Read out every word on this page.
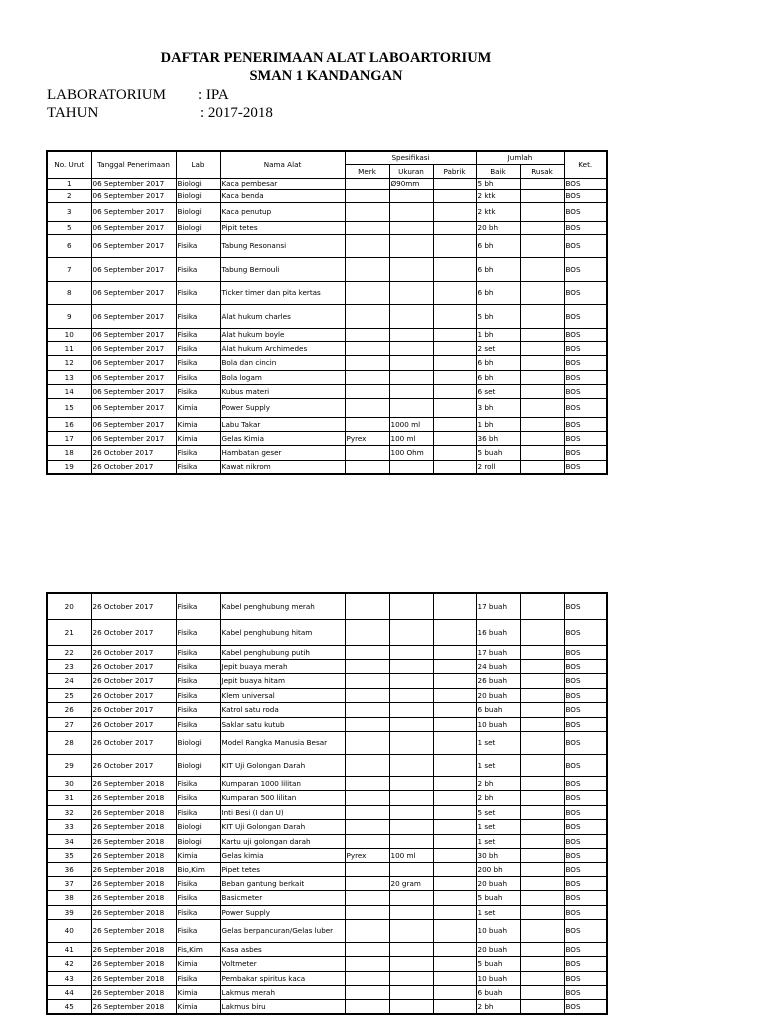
DAFTAR PENERIMAAN ALAT LABOARTORIUM
SMAN 1 KANDANGAN
LABORATORIUM : IPA
TAHUN	: 2017-2018
No. Urut	Tanggal Penerimaan	Lab	Nama Alat	Spesifikasi			Jumlah		Ket.
				Merk	Ukuran	Pabrik	Baik	Rusak	
1	06 September 2017	Biologi	Kaca pembesar		Ø90mm		5 bh		BOS
2	06 September 2017	Biologi	Kaca benda				2 ktk		BOS
3	06 September 2017	Biologi	Kaca penutup				2 ktk		BOS
5	06 September 2017	Biologi	Pipit tetes				20 bh		BOS
6	06 September 2017	Fisika	Tabung Resonansi				6 bh		BOS
7	06 September 2017	Fisika	Tabung Bernouli				6 bh		BOS
8	06 September 2017	Fisika	Ticker timer dan pita kertas				6 bh		BOS
9	06 September 2017	Fisika	Alat hukum charles				5 bh		BOS
10	06 September 2017	Fisika	Alat hukum boyle				1 bh		BOS
11	06 September 2017	Fisika	Alat hukum Archimedes				2 set		BOS
12	06 September 2017	Fisika	Bola dan cincin				6 bh		BOS
13	06 September 2017	Fisika	Bola logam				6 bh		BOS
14	06 September 2017	Fisika	Kubus materi				6 set		BOS
15	06 September 2017	Kimia	Power Supply				3 bh		BOS
16	06 September 2017	Kimia	Labu Takar		1000 ml		1 bh		BOS
17	06 September 2017	Kimia	Gelas Kimia	Pyrex	100 ml		36 bh		BOS
18	26 October 2017	Fisika	Hambatan geser		100 Ohm		5 buah		BOS
19	26 October 2017	Fisika	Kawat nikrom				2 roll		BOS
20	26 October 2017	Fisika	Kabel penghubung merah				17 buah		BOS
21	26 October 2017	Fisika	Kabel penghubung hitam				16 buah		BOS
22	26 October 2017	Fisika	Kabel penghubung putih				17 buah		BOS
23	26 October 2017	Fisika	Jepit buaya merah				24 buah		BOS
24	26 October 2017	Fisika	Jepit buaya hitam				26 buah		BOS
25	26 October 2017	Fisika	Klem universal				20 buah		BOS
26	26 October 2017	Fisika	Katrol satu roda				6 buah		BOS
27	26 October 2017	Fisika	Saklar satu kutub				10 buah		BOS
28	26 October 2017	Biologi	Model Rangka Manusia Besar				1 set		BOS
29	26 October 2017	Biologi	KIT Uji Golongan Darah				1 set		BOS
30	26 September 2018	Fisika	Kumparan 1000 lilitan				2 bh		BOS
31	26 September 2018	Fisika	Kumparan 500 lilitan				2 bh		BOS
32	26 September 2018	Fisika	Inti Besi (I dan U)				5 set		BOS
33	26 September 2018	Biologi	KIT Uji Golongan Darah				1 set		BOS
34	26 September 2018	Biologi	Kartu uji golongan darah				1 set		BOS
35	26 September 2018	Kimia	Gelas kimia	Pyrex	100 ml		30 bh		BOS
36	26 September 2018	Bio,Kim	Pipet tetes				200 bh		BOS
37	26 September 2018	Fisika	Beban gantung berkait		20 gram		20 buah		BOS
38	26 September 2018	Fisika	Basicmeter				5 buah		BOS
39	26 September 2018	Fisika	Power Supply				1 set		BOS
40	26 September 2018	Fisika	Gelas berpancuran/Gelas luber				10 buah		BOS
41	26 September 2018	Fis,Kim	Kasa asbes				20 buah		BOS
42	26 September 2018	Kimia	Voltmeter				5 buah		BOS
43	26 September 2018	Fisika	Pembakar spiritus kaca				10 buah		BOS
44	26 September 2018	Kimia	Lakmus merah				6 buah		BOS
45	26 September 2018	Kimia	Lakmus biru				2 bh		BOS
